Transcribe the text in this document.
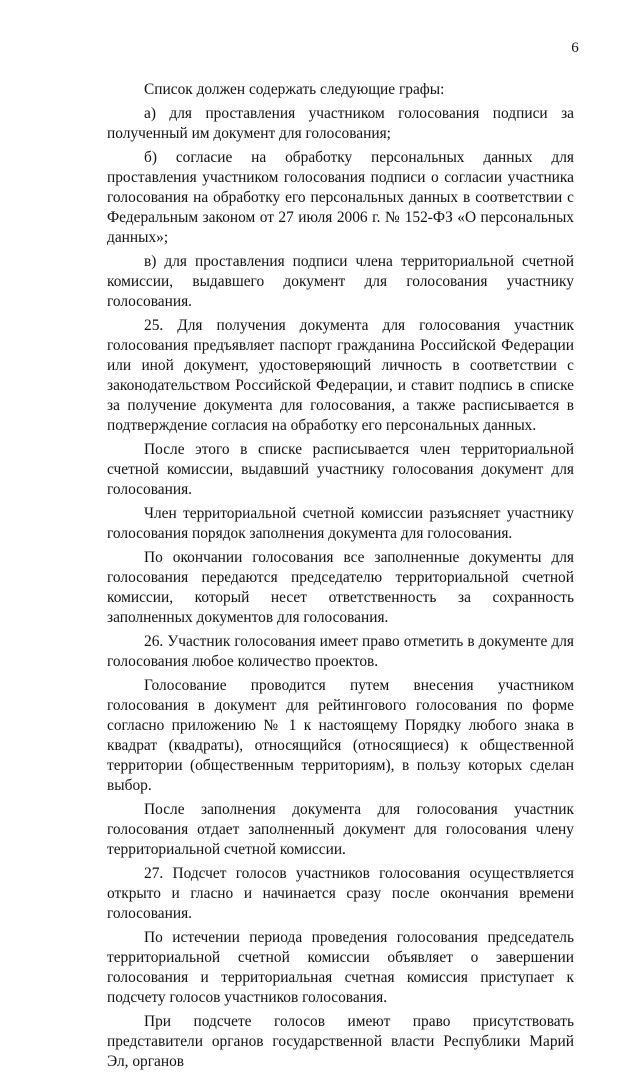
6

Список должен содержать следующие графы:

а) для проставления участником голосования подписи за полученный им документ для голосования;

б) согласие на обработку персональных данных для проставления участником голосования подписи о согласии участника голосования на обработку его персональных данных в соответствии с Федеральным законом от 27 июля 2006 г. № 152-ФЗ «О персональных данных»;

в) для проставления подписи члена территориальной счетной комиссии, выдавшего документ для голосования участнику голосования.

25. Для получения документа для голосования участник голосования предъявляет паспорт гражданина Российской Федерации или иной документ, удостоверяющий личность в соответствии с законодательством Российской Федерации, и ставит подпись в списке за получение документа для голосования, а также расписывается в подтверждение согласия на обработку его персональных данных.

После этого в списке расписывается член территориальной счетной комиссии, выдавший участнику голосования документ для голосования.

Член территориальной счетной комиссии разъясняет участнику голосования порядок заполнения документа для голосования.

По окончании голосования все заполненные документы для голосования передаются председателю территориальной счетной комиссии, который несет ответственность за сохранность заполненных документов для голосования.

26. Участник голосования имеет право отметить в документе для голосования любое количество проектов.

Голосование проводится путем внесения участником голосования в документ для рейтингового голосования по форме согласно приложению № 1 к настоящему Порядку любого знака в квадрат (квадраты), относящийся (относящиеся) к общественной территории (общественным территориям), в пользу которых сделан выбор.

После заполнения документа для голосования участник голосования отдает заполненный документ для голосования члену территориальной счетной комиссии.

27. Подсчет голосов участников голосования осуществляется открыто и гласно и начинается сразу после окончания времени голосования.

По истечении периода проведения голосования председатель территориальной счетной комиссии объявляет о завершении голосования и территориальная счетная комиссия приступает к подсчету голосов участников голосования.

При подсчете голосов имеют право присутствовать представители органов государственной власти Республики Марий Эл, органов
